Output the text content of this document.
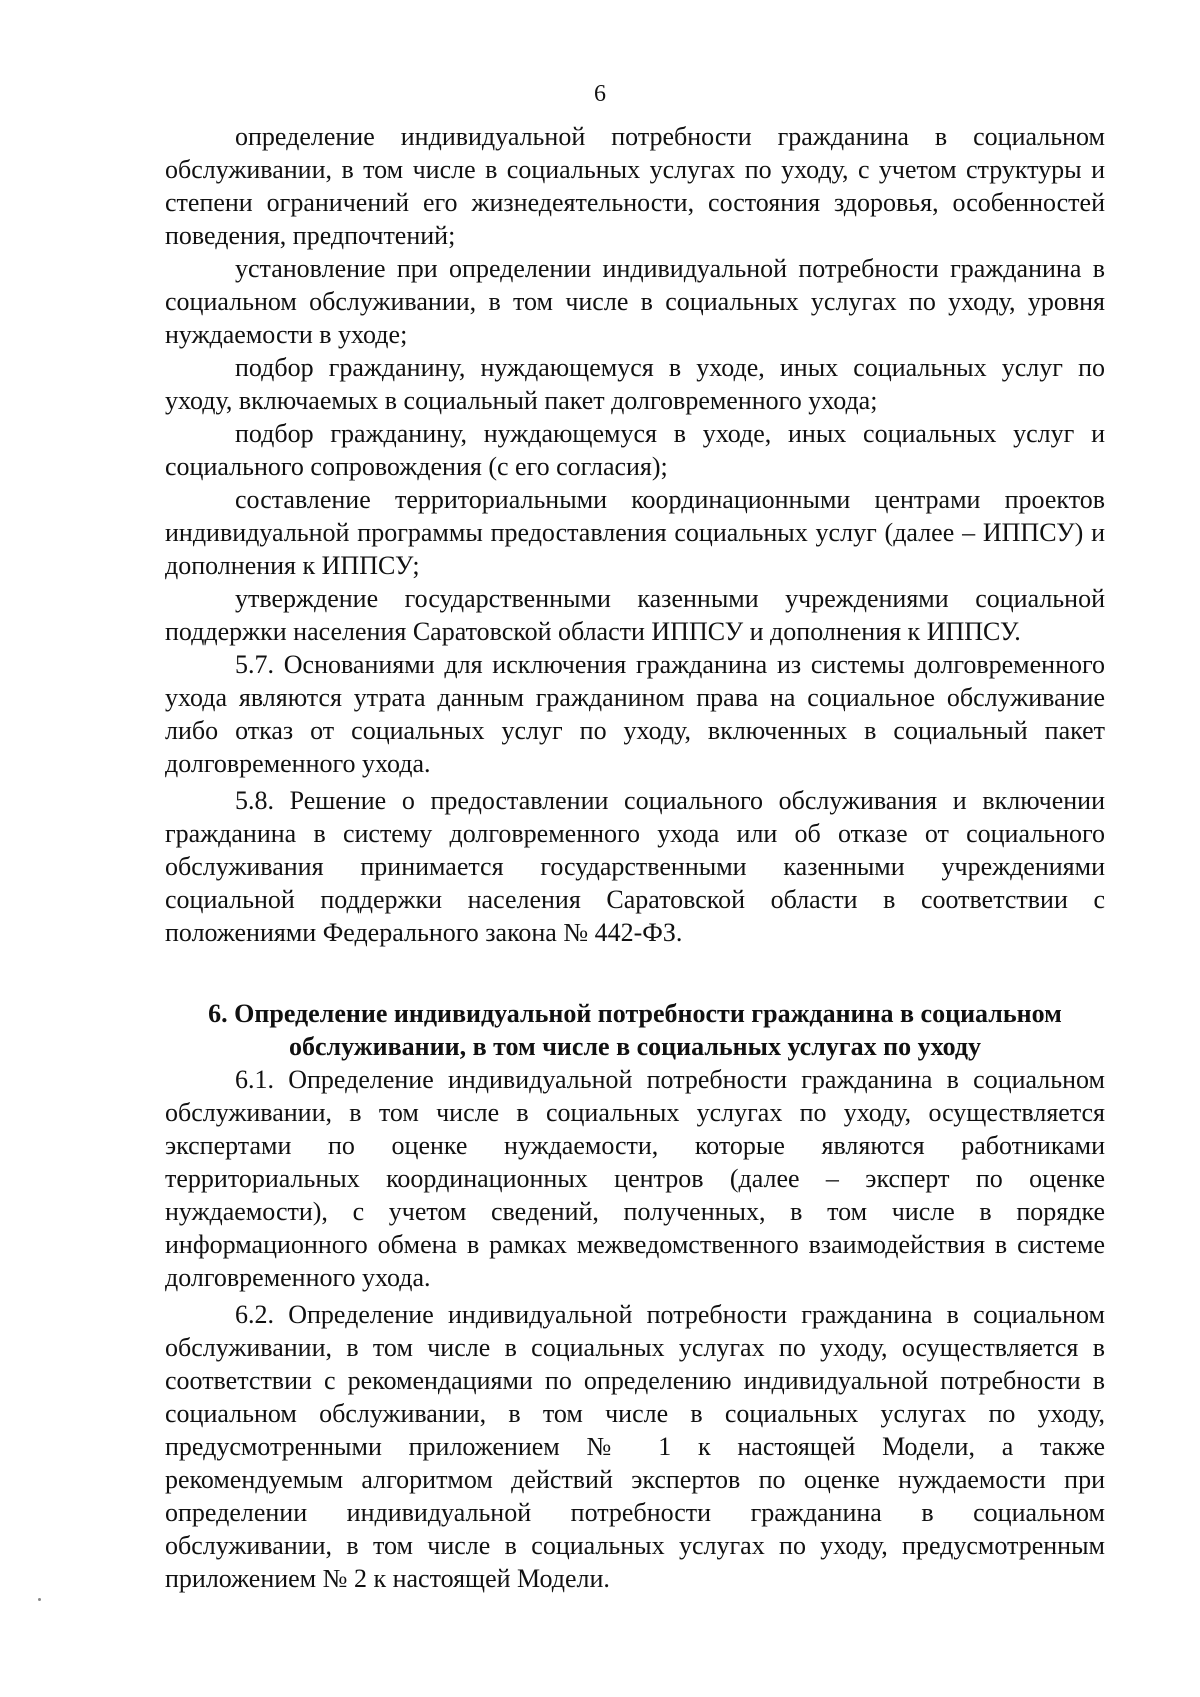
6

определение индивидуальной потребности гражданина в социальном обслуживании, в том числе в социальных услугах по уходу, с учетом структуры и степени ограничений его жизнедеятельности, состояния здоровья, особенностей поведения, предпочтений;

установление при определении индивидуальной потребности гражданина в социальном обслуживании, в том числе в социальных услугах по уходу, уровня нуждаемости в уходе;

подбор гражданину, нуждающемуся в уходе, иных социальных услуг по уходу, включаемых в социальный пакет долговременного ухода;

подбор гражданину, нуждающемуся в уходе, иных социальных услуг и социального сопровождения (с его согласия);

составление территориальными координационными центрами проектов индивидуальной программы предоставления социальных услуг (далее – ИППСУ) и дополнения к ИППСУ;

утверждение государственными казенными учреждениями социальной поддержки населения Саратовской области ИППСУ и дополнения к ИППСУ.

5.7. Основаниями для исключения гражданина из системы долговременного ухода являются утрата данным гражданином права на социальное обслуживание либо отказ от социальных услуг по уходу, включенных в социальный пакет долговременного ухода.

5.8. Решение о предоставлении социального обслуживания и включении гражданина в систему долговременного ухода или об отказе от социального обслуживания принимается государственными казенными учреждениями социальной поддержки населения Саратовской области в соответствии с положениями Федерального закона № 442-ФЗ.

6. Определение индивидуальной потребности гражданина в социальном обслуживании, в том числе в социальных услугах по уходу

6.1. Определение индивидуальной потребности гражданина в социальном обслуживании, в том числе в социальных услугах по уходу, осуществляется экспертами по оценке нуждаемости, которые являются работниками территориальных координационных центров (далее – эксперт по оценке нуждаемости), с учетом сведений, полученных, в том числе в порядке информационного обмена в рамках межведомственного взаимодействия в системе долговременного ухода.

6.2. Определение индивидуальной потребности гражданина в социальном обслуживании, в том числе в социальных услугах по уходу, осуществляется в соответствии с рекомендациями по определению индивидуальной потребности в социальном обслуживании, в том числе в социальных услугах по уходу, предусмотренными приложением № 1 к настоящей Модели, а также рекомендуемым алгоритмом действий экспертов по оценке нуждаемости при определении индивидуальной потребности гражданина в социальном обслуживании, в том числе в социальных услугах по уходу, предусмотренным приложением № 2 к настоящей Модели.
